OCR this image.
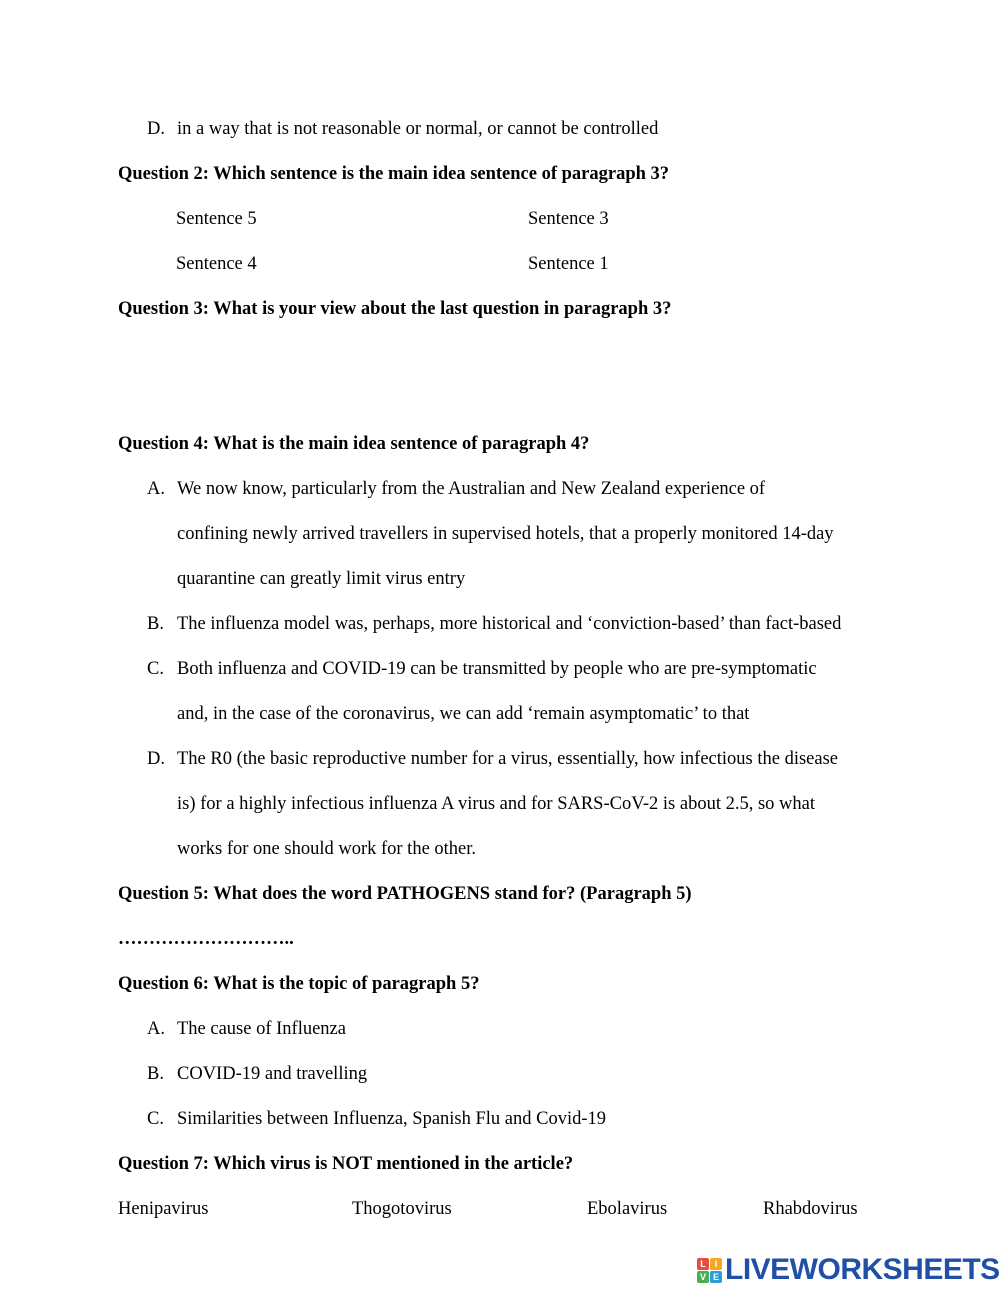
D. in a way that is not reasonable or normal, or cannot be controlled
Question 2: Which sentence is the main idea sentence of paragraph 3?
Sentence 5	Sentence 3
Sentence 4	Sentence 1
Question 3: What is your view about the last question in paragraph 3?
Question 4: What is the main idea sentence of paragraph 4?
A. We now know, particularly from the Australian and New Zealand experience of
confining newly arrived travellers in supervised hotels, that a properly monitored 14-day
quarantine can greatly limit virus entry
B. The influenza model was, perhaps, more historical and ‘conviction-based’ than fact-based
C. Both influenza and COVID-19 can be transmitted by people who are pre-symptomatic
and, in the case of the coronavirus, we can add ‘remain asymptomatic’ to that
D. The R0 (the basic reproductive number for a virus, essentially, how infectious the disease
is) for a highly infectious influenza A virus and for SARS-CoV-2 is about 2.5, so what
works for one should work for the other.
Question 5: What does the word PATHOGENS stand for? (Paragraph 5)
………………………..
Question 6: What is the topic of paragraph 5?
A. The cause of Influenza
B. COVID-19 and travelling
C. Similarities between Influenza, Spanish Flu and Covid-19
Question 7: Which virus is NOT mentioned in the article?
Henipavirus	Thogotovirus	Ebolavirus	Rhabdovirus
L I
V E LIVEWORKSHEETS
